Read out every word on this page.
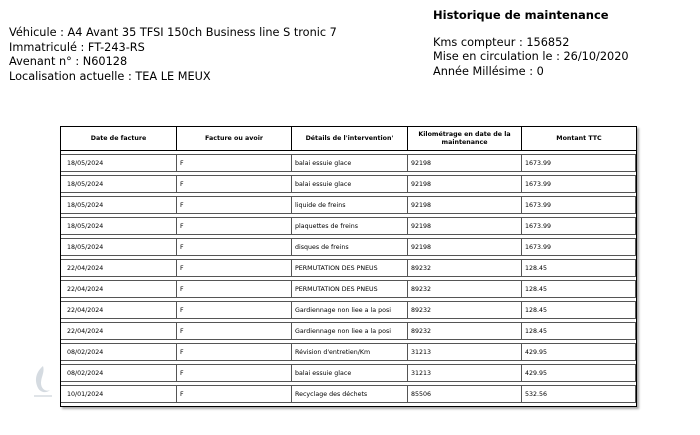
Véhicule : A4 Avant 35 TFSI 150ch Business line S tronic 7
Immatriculé : FT-243-RS
Avenant n° : N60128
Localisation actuelle : TEA LE MEUX
Historique de maintenance
Kms compteur : 156852
Mise en circulation le : 26/10/2020
Année Millésime : 0
Date de facture	Facture ou avoir	Détails de l'intervention'	Kilométrage en date de la maintenance	Montant TTC
18/05/2024	F	balai essuie glace	92198	1673.99
18/05/2024	F	balai essuie glace	92198	1673.99
18/05/2024	F	liquide de freins	92198	1673.99
18/05/2024	F	plaquettes de freins	92198	1673.99
18/05/2024	F	disques de freins	92198	1673.99
22/04/2024	F	PERMUTATION DES PNEUS	89232	128.45
22/04/2024	F	PERMUTATION DES PNEUS	89232	128.45
22/04/2024	F	Gardiennage non liee a la posi	89232	128.45
22/04/2024	F	Gardiennage non liee a la posi	89232	128.45
08/02/2024	F	Révision d'entretien/Km	31213	429.95
08/02/2024	F	balai essuie glace	31213	429.95
10/01/2024	F	Recyclage des déchets	85506	532.56
